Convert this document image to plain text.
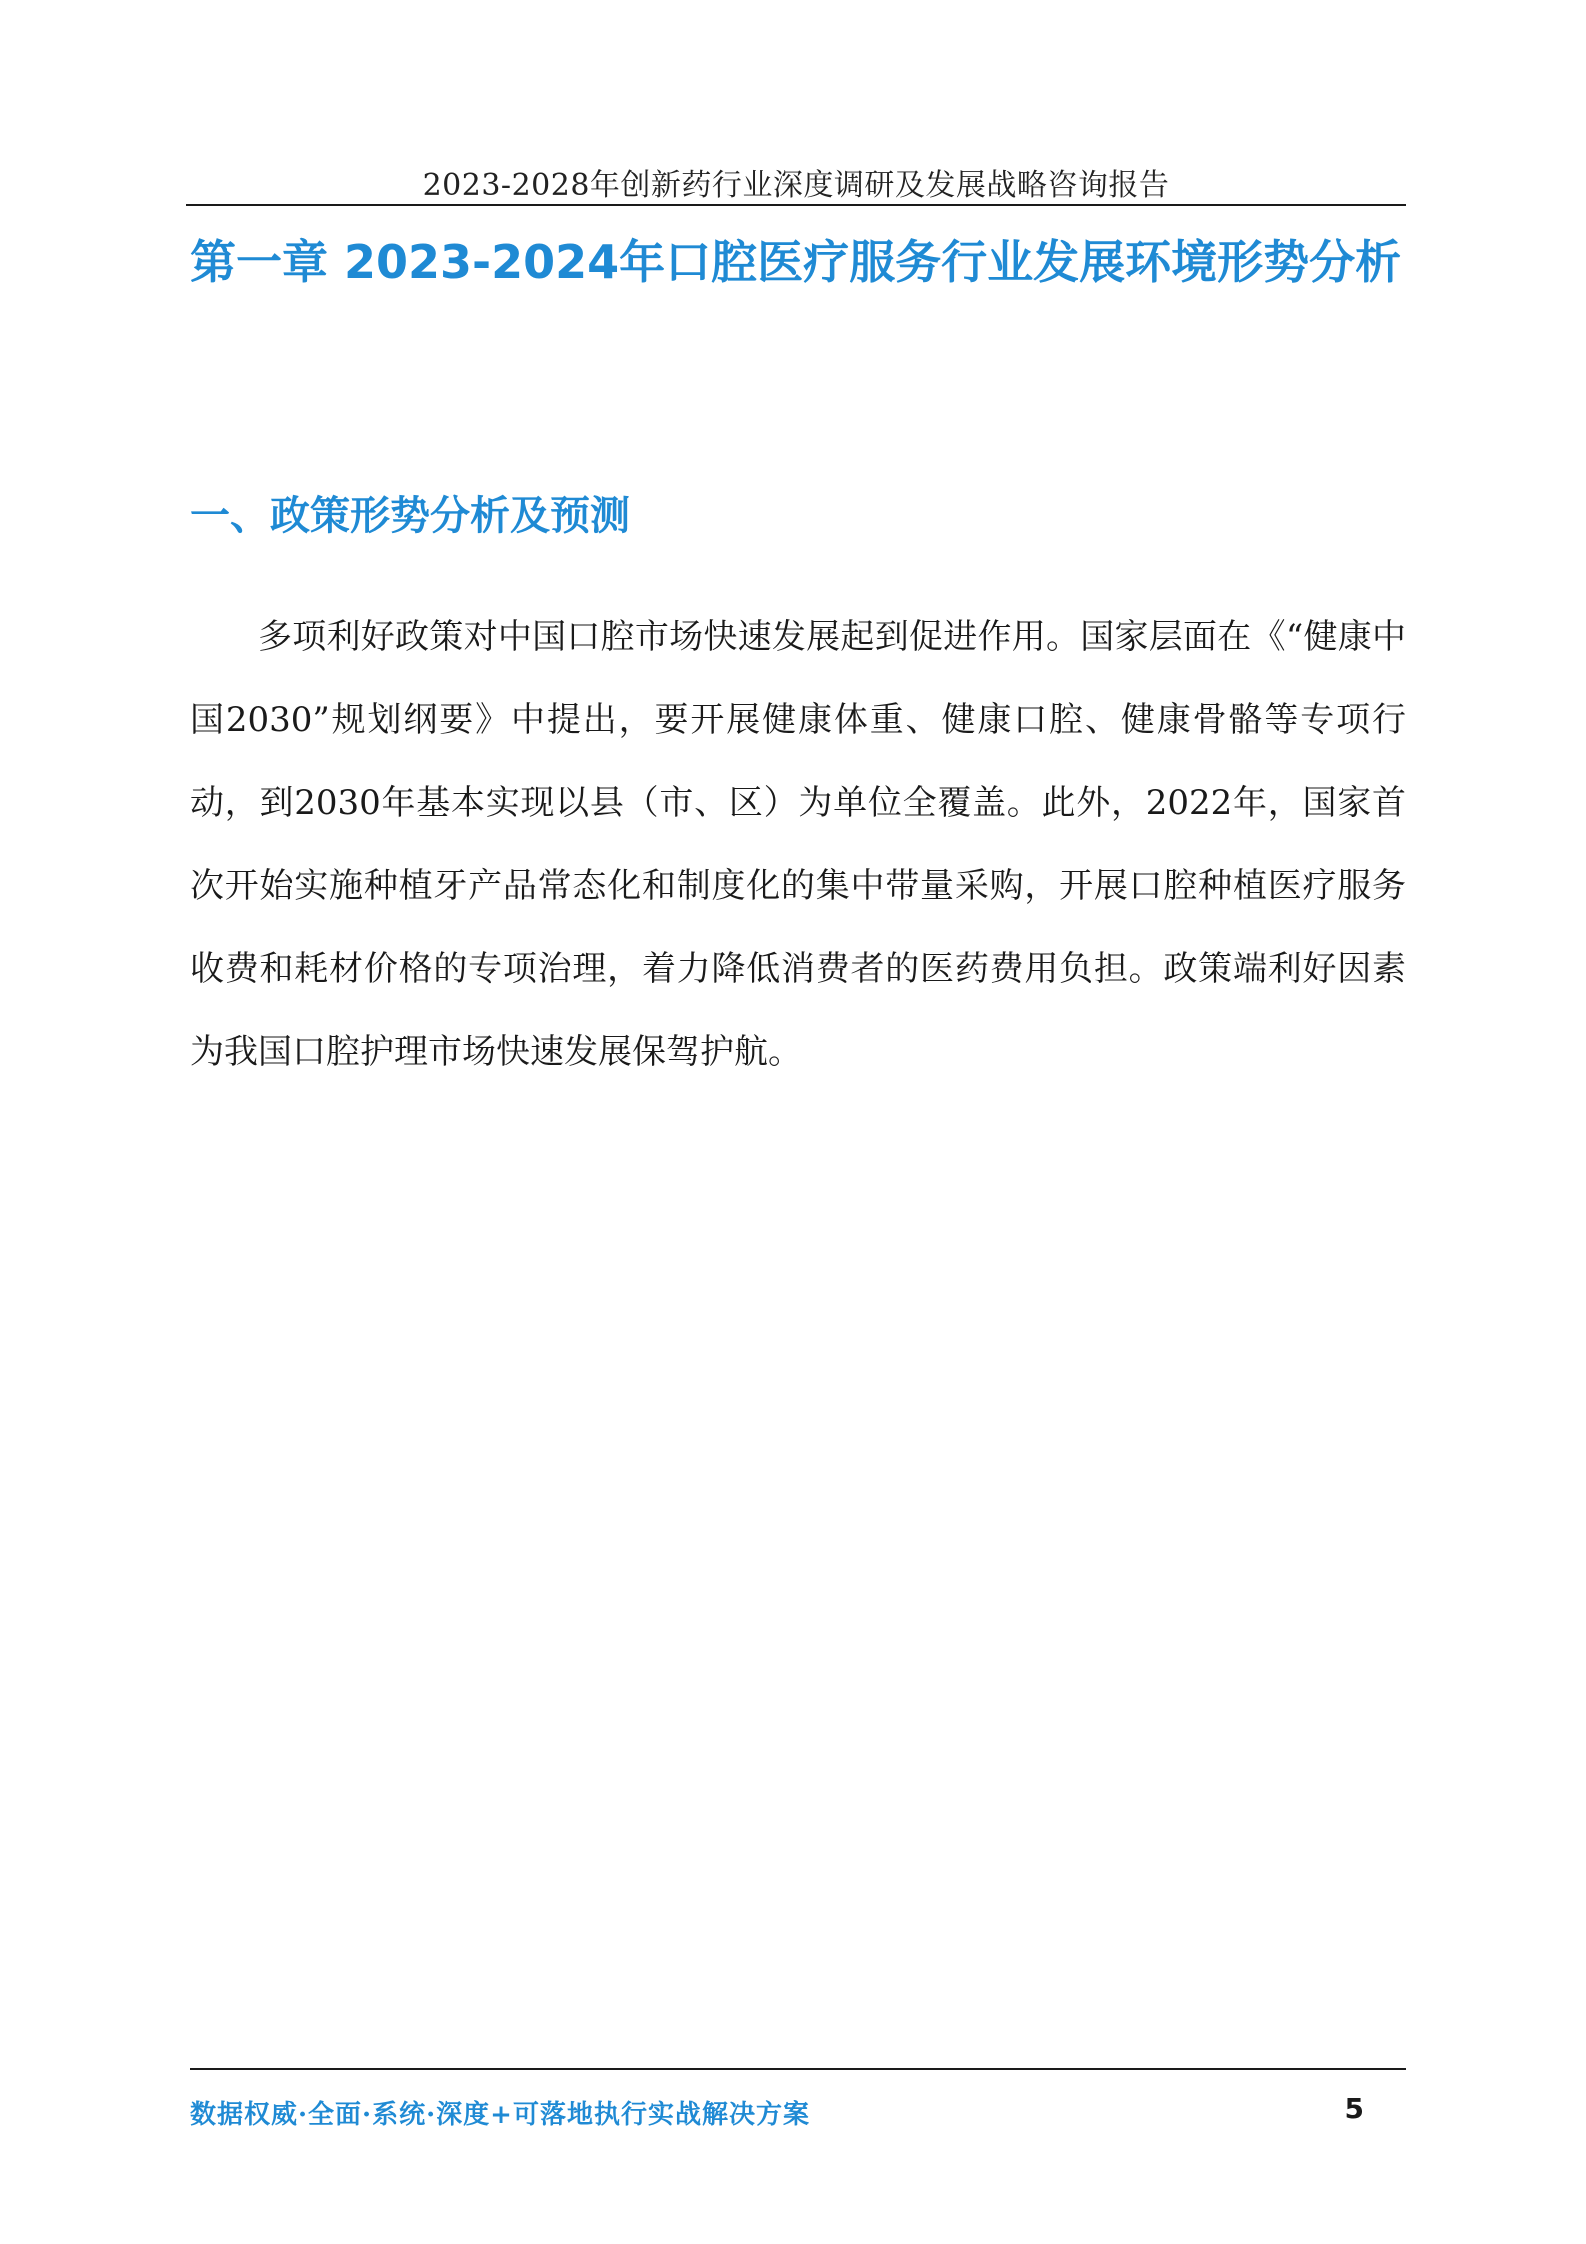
2023-2028年创新药行业深度调研及发展战略咨询报告
第一章 2023-2024年口腔医疗服务行业发展环境形势分析
一、政策形势分析及预测

多项利好政策对中国口腔市场快速发展起到促进作用。国家层面在《“健康中国2030”规划纲要》中提出，要开展健康体重、健康口腔、健康骨骼等专项行动，到2030年基本实现以县（市、区）为单位全覆盖。此外，2022年，国家首次开始实施种植牙产品常态化和制度化的集中带量采购，开展口腔种植医疗服务收费和耗材价格的专项治理，着力降低消费者的医药费用负担。政策端利好因素为我国口腔护理市场快速发展保驾护航。

数据权威·全面·系统·深度+可落地执行实战解决方案	5
